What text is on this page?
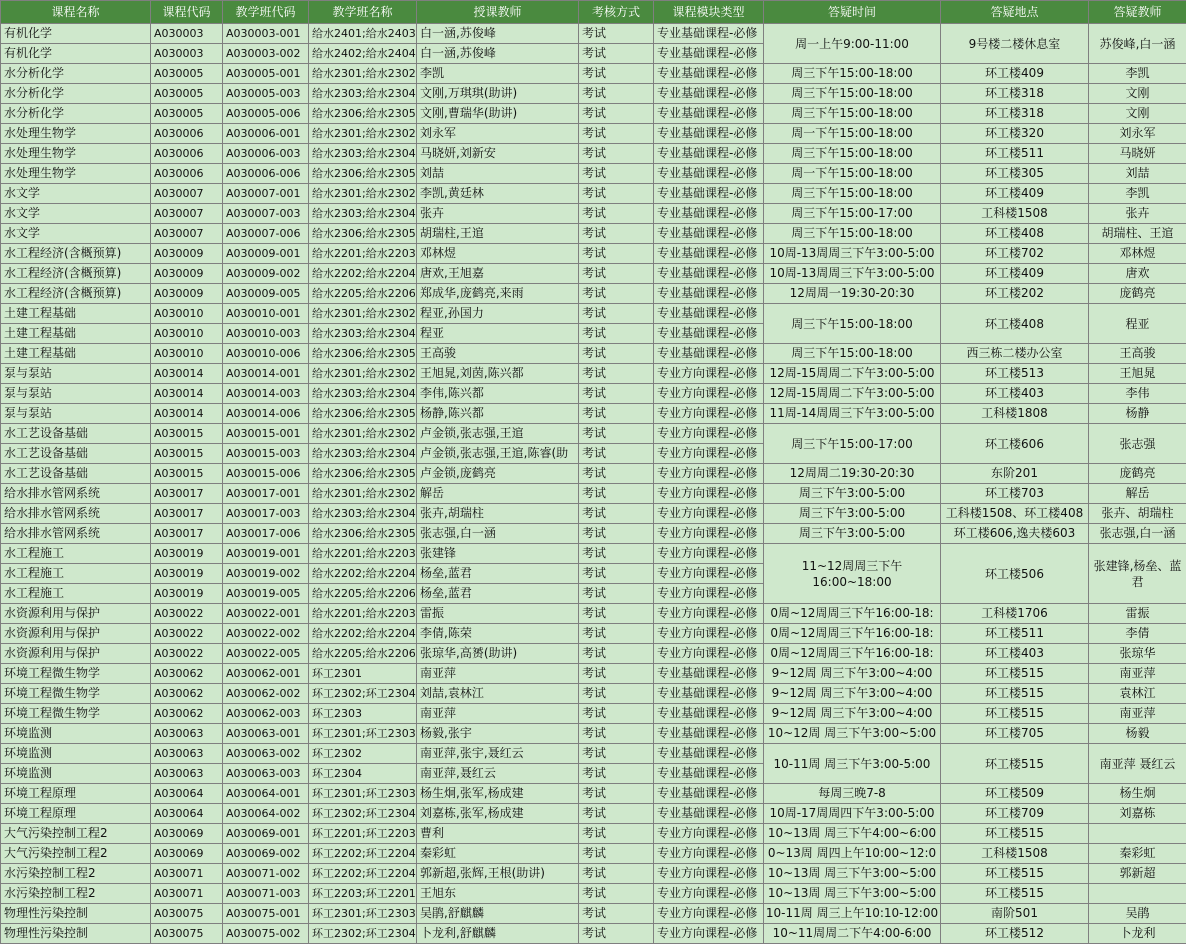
课程名称	课程代码	教学班代码	教学班名称	授课教师	考核方式	课程模块类型	答疑时间	答疑地点	答疑教师
有机化学	A030003	A030003-001	给水2401;给水2403	白一涵,苏俊峰	考试	专业基础课程-必修	周一上午9:00-11:00	9号楼二楼休息室	苏俊峰,白一涵
有机化学	A030003	A030003-002	给水2402;给水2404	白一涵,苏俊峰	考试	专业基础课程-必修			
水分析化学	A030005	A030005-001	给水2301;给水2302	李凯	考试	专业基础课程-必修	周三下午15:00-18:00	环工楼409	李凯
水分析化学	A030005	A030005-003	给水2303;给水2304	文刚,万琪琪(助讲)	考试	专业基础课程-必修	周三下午15:00-18:00	环工楼318	文刚
水分析化学	A030005	A030005-006	给水2306;给水2305	文刚,曹瑞华(助讲)	考试	专业基础课程-必修	周三下午15:00-18:00	环工楼318	文刚
水处理生物学	A030006	A030006-001	给水2301;给水2302	刘永军	考试	专业基础课程-必修	周一下午15:00-18:00	环工楼320	刘永军
水处理生物学	A030006	A030006-003	给水2303;给水2304	马晓妍,刘新安	考试	专业基础课程-必修	周三下午15:00-18:00	环工楼511	马晓妍
水处理生物学	A030006	A030006-006	给水2306;给水2305	刘喆	考试	专业基础课程-必修	周一下午15:00-18:00	环工楼305	刘喆
水文学	A030007	A030007-001	给水2301;给水2302	李凯,黄廷林	考试	专业基础课程-必修	周三下午15:00-18:00	环工楼409	李凯
水文学	A030007	A030007-003	给水2303;给水2304	张卉	考试	专业基础课程-必修	周三下午15:00-17:00	工科楼1508	张卉
水文学	A030007	A030007-006	给水2306;给水2305	胡瑞柱,王逭	考试	专业基础课程-必修	周三下午15:00-18:00	环工楼408	胡瑞柱、王逭
水工程经济(含概预算)	A030009	A030009-001	给水2201;给水2203	邓林煜	考试	专业基础课程-必修	10周-13周周三下午3:00-5:00	环工楼702	邓林煜
水工程经济(含概预算)	A030009	A030009-002	给水2202;给水2204	唐欢,王旭嘉	考试	专业基础课程-必修	10周-13周周三下午3:00-5:00	环工楼409	唐欢
水工程经济(含概预算)	A030009	A030009-005	给水2205;给水2206	郑成华,庞鹤亮,来雨	考试	专业基础课程-必修	12周周一19:30-20:30	环工楼202	庞鹤亮
土建工程基础	A030010	A030010-001	给水2301;给水2302	程亚,孙国力	考试	专业基础课程-必修	周三下午15:00-18:00	环工楼408	程亚
土建工程基础	A030010	A030010-003	给水2303;给水2304	程亚	考试	专业基础课程-必修			
土建工程基础	A030010	A030010-006	给水2306;给水2305	王高骏	考试	专业基础课程-必修	周三下午15:00-18:00	西三栋二楼办公室	王高骏
泵与泵站	A030014	A030014-001	给水2301;给水2302	王旭晁,刘茵,陈兴都	考试	专业方向课程-必修	12周-15周周二下午3:00-5:00	环工楼513	王旭晁
泵与泵站	A030014	A030014-003	给水2303;给水2304	李伟,陈兴都	考试	专业方向课程-必修	12周-15周周二下午3:00-5:00	环工楼403	李伟
泵与泵站	A030014	A030014-006	给水2306;给水2305	杨静,陈兴都	考试	专业方向课程-必修	11周-14周周三下午3:00-5:00	工科楼1808	杨静
水工艺设备基础	A030015	A030015-001	给水2301;给水2302	卢金锁,张志强,王逭	考试	专业方向课程-必修	周三下午15:00-17:00	环工楼606	张志强
水工艺设备基础	A030015	A030015-003	给水2303;给水2304	卢金锁,张志强,王逭,陈睿(助	考试	专业方向课程-必修			
水工艺设备基础	A030015	A030015-006	给水2306;给水2305	卢金锁,庞鹤亮	考试	专业方向课程-必修	12周周二19:30-20:30	东阶201	庞鹤亮
给水排水管网系统	A030017	A030017-001	给水2301;给水2302	解岳	考试	专业方向课程-必修	周三下午3:00-5:00	环工楼703	解岳
给水排水管网系统	A030017	A030017-003	给水2303;给水2304	张卉,胡瑞柱	考试	专业方向课程-必修	周三下午3:00-5:00	工科楼1508、环工楼408	张卉、胡瑞柱
给水排水管网系统	A030017	A030017-006	给水2306;给水2305	张志强,白一涵	考试	专业方向课程-必修	周三下午3:00-5:00	环工楼606,逸夫楼603	张志强,白一涵
水工程施工	A030019	A030019-001	给水2201;给水2203	张建锋	考试	专业方向课程-必修	11~12周周三下午16:00~18:00	环工楼506	张建锋,杨垒、蓝君
水工程施工	A030019	A030019-002	给水2202;给水2204	杨垒,蓝君	考试	专业方向课程-必修			
水工程施工	A030019	A030019-005	给水2205;给水2206	杨垒,蓝君	考试	专业方向课程-必修			
水资源利用与保护	A030022	A030022-001	给水2201;给水2203	雷振	考试	专业方向课程-必修	0周~12周周三下午16:00-18:	工科楼1706	雷振
水资源利用与保护	A030022	A030022-002	给水2202;给水2204	李倩,陈荣	考试	专业方向课程-必修	0周~12周周三下午16:00-18:	环工楼511	李倩
水资源利用与保护	A030022	A030022-005	给水2205;给水2206	张琼华,高赟(助讲)	考试	专业方向课程-必修	0周~12周周三下午16:00-18:	环工楼403	张琼华
环境工程微生物学	A030062	A030062-001	环工2301	南亚萍	考试	专业基础课程-必修	9~12周 周三下午3:00~4:00	环工楼515	南亚萍
环境工程微生物学	A030062	A030062-002	环工2302;环工2304	刘喆,袁林江	考试	专业基础课程-必修	9~12周 周三下午3:00~4:00	环工楼515	袁林江
环境工程微生物学	A030062	A030062-003	环工2303	南亚萍	考试	专业基础课程-必修	9~12周 周三下午3:00~4:00	环工楼515	南亚萍
环境监测	A030063	A030063-001	环工2301;环工2303	杨毅,张宇	考试	专业基础课程-必修	10~12周 周三下午3:00~5:00	环工楼705	杨毅
环境监测	A030063	A030063-002	环工2302	南亚萍,张宇,聂红云	考试	专业基础课程-必修	10-11周 周三下午3:00-5:00	环工楼515	南亚萍 聂红云
环境监测	A030063	A030063-003	环工2304	南亚萍,聂红云	考试	专业基础课程-必修			
环境工程原理	A030064	A030064-001	环工2301;环工2303	杨生炯,张军,杨成建	考试	专业基础课程-必修	每周三晚7-8	环工楼509	杨生炯
环境工程原理	A030064	A030064-002	环工2302;环工2304	刘嘉栋,张军,杨成建	考试	专业基础课程-必修	10周-17周周四下午3:00-5:00	环工楼709	刘嘉栋
大气污染控制工程2	A030069	A030069-001	环工2201;环工2203	曹利	考试	专业方向课程-必修	10~13周 周三下午4:00~6:00	环工楼515	
大气污染控制工程2	A030069	A030069-002	环工2202;环工2204	秦彩虹	考试	专业方向课程-必修	0~13周 周四上午10:00~12:0	工科楼1508	秦彩虹
水污染控制工程2	A030071	A030071-002	环工2202;环工2204	郭新超,张辉,王根(助讲)	考试	专业方向课程-必修	10~13周 周三下午3:00~5:00	环工楼515	郭新超
水污染控制工程2	A030071	A030071-003	环工2203;环工2201	王旭东	考试	专业方向课程-必修	10~13周 周三下午3:00~5:00	环工楼515	
物理性污染控制	A030075	A030075-001	环工2301;环工2303	吴鹃,舒麒麟	考试	专业方向课程-必修	10-11周 周三上午10:10-12:00	南阶501	吴鹃
物理性污染控制	A030075	A030075-002	环工2302;环工2304	卜龙利,舒麒麟	考试	专业方向课程-必修	10~11周周二下午4:00-6:00	环工楼512	卜龙利
